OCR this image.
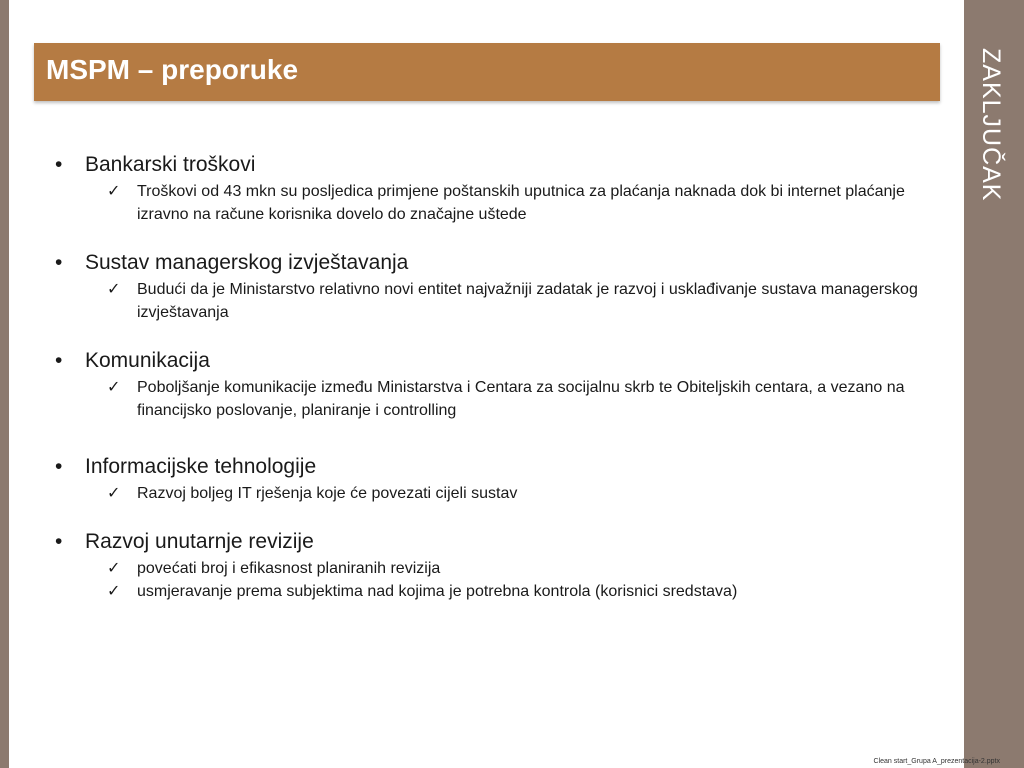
ZAKLJUČAK
MSPM – preporuke
•	Bankarski troškovi
✓	Troškovi od 43 mkn su posljedica primjene poštanskih uputnica za plaćanja naknada dok bi internet plaćanje izravno na račune korisnika dovelo do značajne uštede
•	Sustav managerskog izvještavanja
✓	Budući da je Ministarstvo relativno novi entitet najvažniji zadatak je razvoj i usklađivanje sustava managerskog izvještavanja
•	Komunikacija
✓	Poboljšanje komunikacije između Ministarstva i Centara za socijalnu skrb te Obiteljskih centara, a vezano na financijsko poslovanje, planiranje i controlling
•	Informacijske tehnologije
✓	Razvoj boljeg IT rješenja koje će povezati cijeli sustav
•	Razvoj unutarnje revizije
✓	povećati broj i efikasnost planiranih revizija
✓	usmjeravanje prema subjektima nad kojima je potrebna kontrola (korisnici sredstava)
Clean start_Grupa A_prezentacija-2.pptx
